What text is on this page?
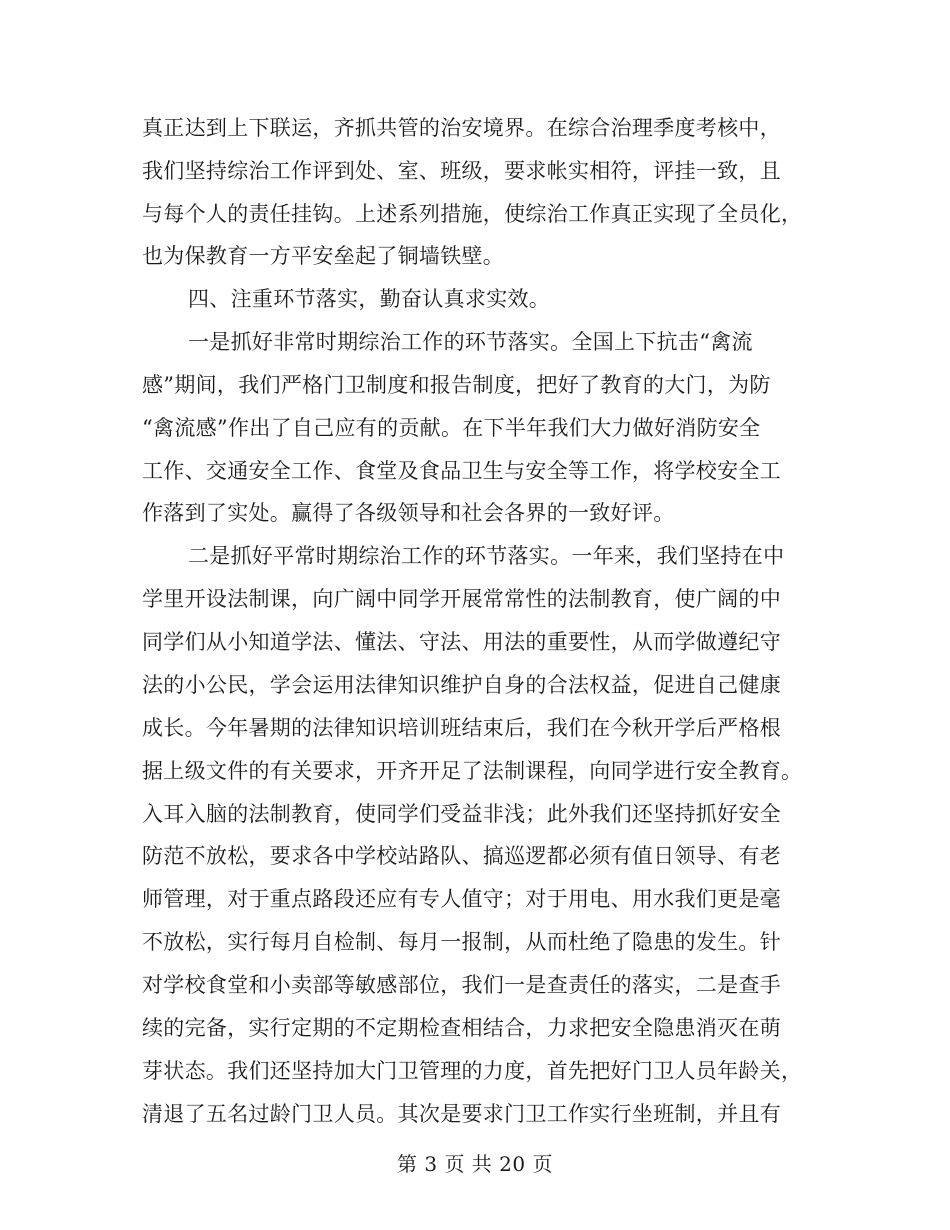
真正达到上下联运，齐抓共管的治安境界。在综合治理季度考核中，
我们坚持综治工作评到处、室、班级，要求帐实相符，评挂一致，且
与每个人的责任挂钩。上述系列措施，使综治工作真正实现了全员化，
也为保教育一方平安垒起了铜墙铁壁。
四、注重环节落实，勤奋认真求实效。
一是抓好非常时期综治工作的环节落实。全国上下抗击“禽流
感”期间，我们严格门卫制度和报告制度，把好了教育的大门，为防
“禽流感”作出了自己应有的贡献。在下半年我们大力做好消防安全
工作、交通安全工作、食堂及食品卫生与安全等工作，将学校安全工
作落到了实处。赢得了各级领导和社会各界的一致好评。
二是抓好平常时期综治工作的环节落实。一年来，我们坚持在中
学里开设法制课，向广阔中同学开展常常性的法制教育，使广阔的中
同学们从小知道学法、懂法、守法、用法的重要性，从而学做遵纪守
法的小公民，学会运用法律知识维护自身的合法权益，促进自己健康
成长。今年暑期的法律知识培训班结束后，我们在今秋开学后严格根
据上级文件的有关要求，开齐开足了法制课程，向同学进行安全教育。
入耳入脑的法制教育，使同学们受益非浅；此外我们还坚持抓好安全
防范不放松，要求各中学校站路队、搞巡逻都必须有值日领导、有老
师管理，对于重点路段还应有专人值守；对于用电、用水我们更是毫
不放松，实行每月自检制、每月一报制，从而杜绝了隐患的发生。针
对学校食堂和小卖部等敏感部位，我们一是查责任的落实，二是查手
续的完备，实行定期的不定期检查相结合，力求把安全隐患消灭在萌
芽状态。我们还坚持加大门卫管理的力度，首先把好门卫人员年龄关，
清退了五名过龄门卫人员。其次是要求门卫工作实行坐班制，并且有
第 3 页 共 20 页
